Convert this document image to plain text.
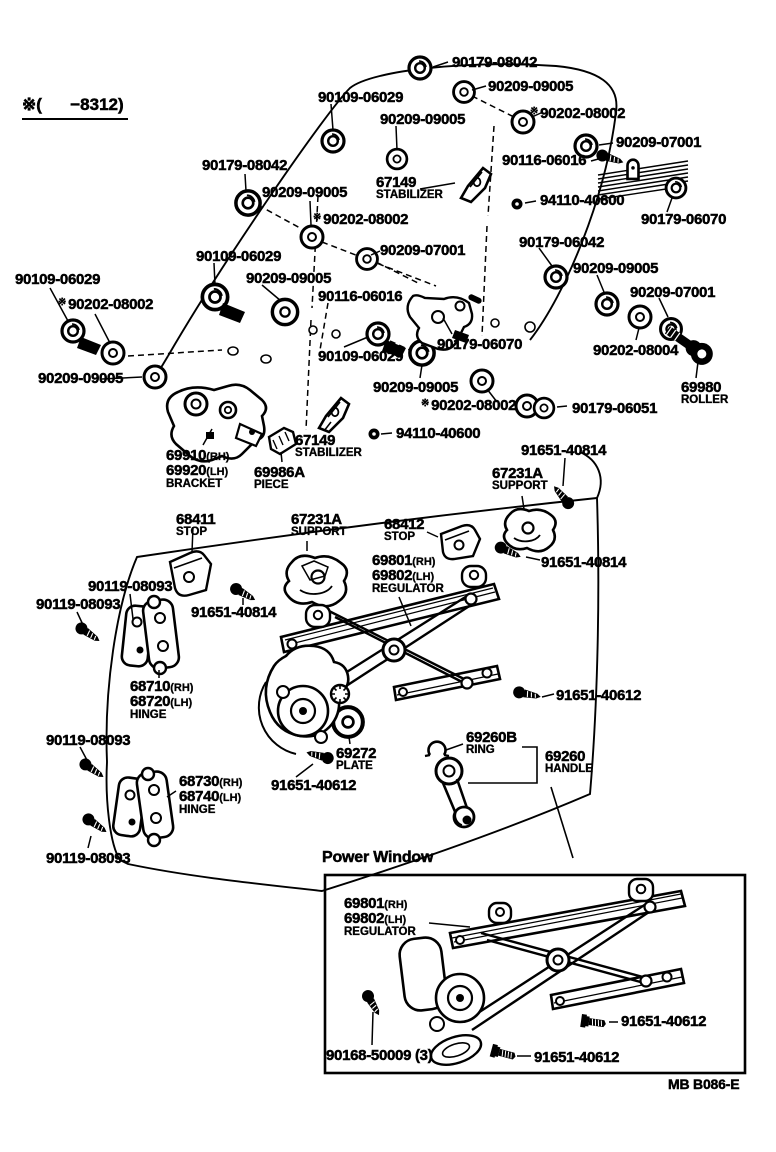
※(      −8312)
Power Window
MB B086-E
90179-08042
90209-09005
90109-06029
90209-09005	※ 90202-08002
90209-07001
90116-06016
94110-40600
90179-06070
90179-08042
90209-09005
67149
STABILIZER
※ 90202-08002
90209-07001
90109-06029
90209-09005
90116-06016
90109-06029
※ 90202-08002
90209-09005
90179-06042
90209-09005
90209-07001
90202-08004
69980
ROLLER
90179-06051
90179-06070
90109-06029
90209-09005
※ 90202-08002
94110-40600
69910(RH)
69920(LH)
BRACKET
67149
STABILIZER
69986A
PIECE
91651-40814
67231A
SUPPORT
68411
STOP
67231A
SUPPORT 68412
STOP
69801(RH)
69802(LH)
REGULATOR
91651-40814
90119-08093
90119-08093	91651-40814
68710(RH)
68720(LH)
HINGE
91651-40612
90119-08093
69272
PLATE
69260B
RING	69260
HANDLE
68730(RH)
68740(LH)
HINGE
91651-40612
90119-08093
69801(RH)
69802(LH)
REGULATOR
91651-40612
90168-50009 (3)	91651-40612
